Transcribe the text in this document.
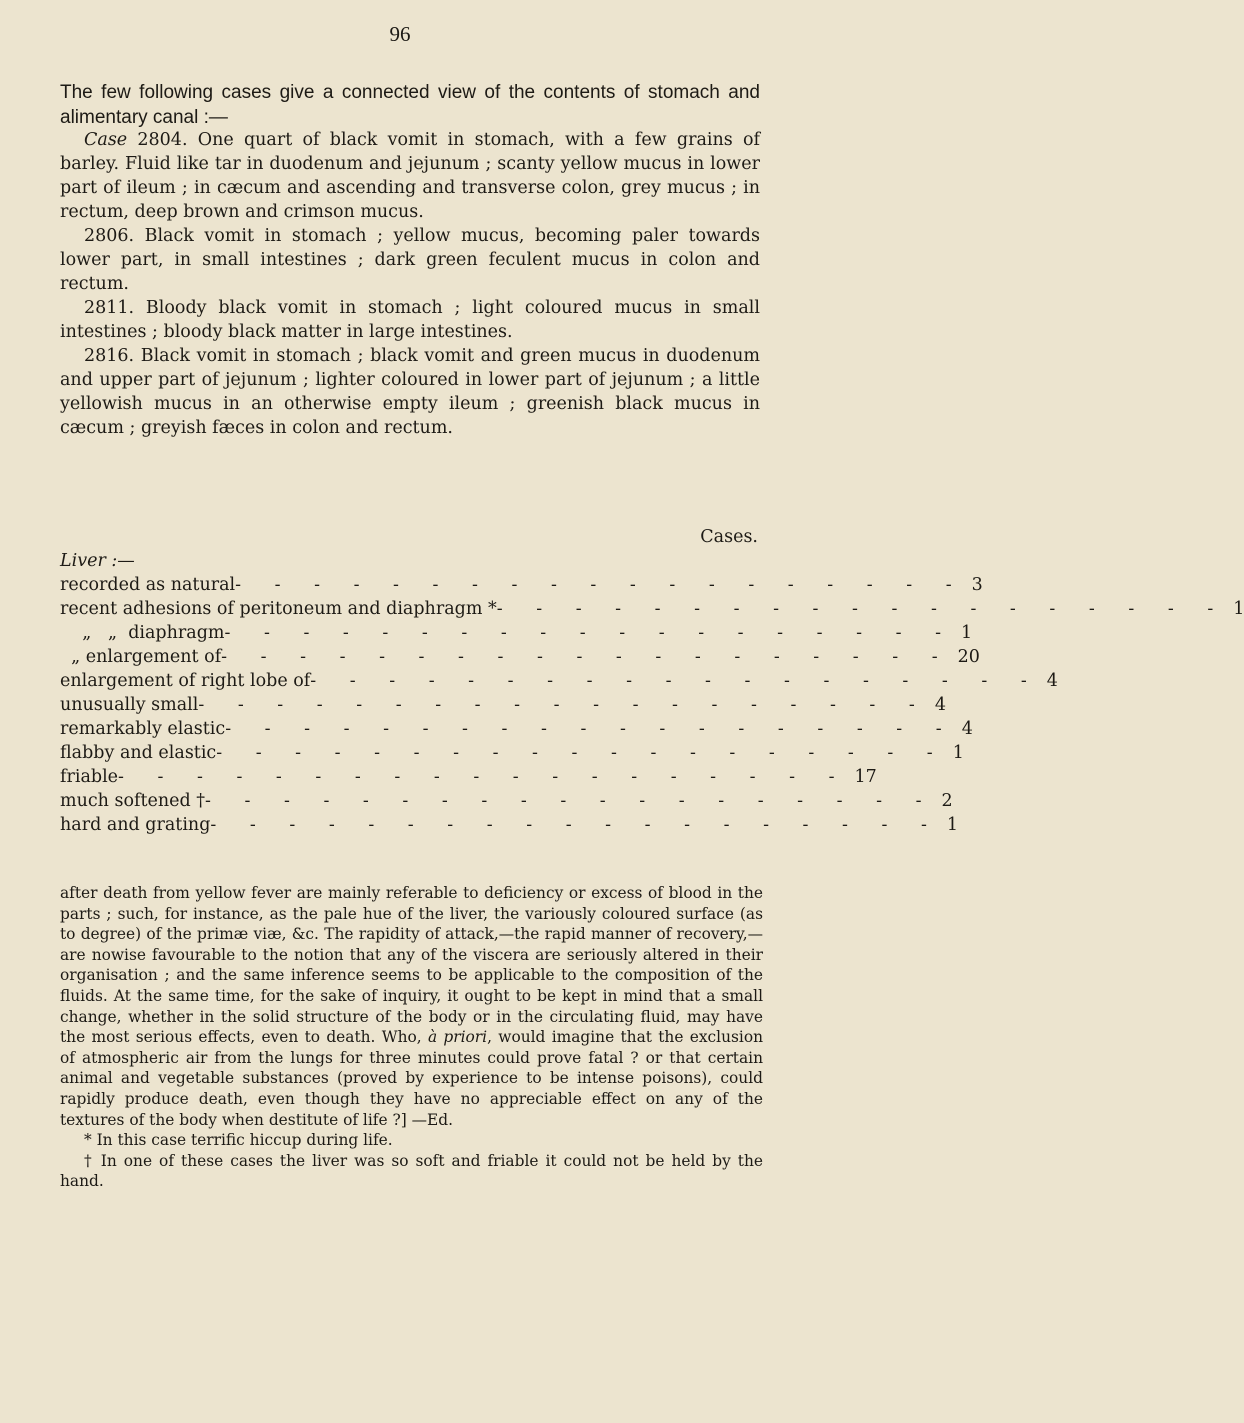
96
The few following cases give a connected view of the contents of stomach and alimentary canal :—

Case 2804. One quart of black vomit in stomach, with a few grains of barley. Fluid like tar in duodenum and jejunum ; scanty yellow mucus in lower part of ileum ; in cæcum and ascending and transverse colon, grey mucus ; in rectum, deep brown and crimson mucus.

2806. Black vomit in stomach ; yellow mucus, becoming paler towards lower part, in small intestines ; dark green feculent mucus in colon and rectum.

2811. Bloody black vomit in stomach ; light coloured mucus in small intestines ; bloody black matter in large intestines.

2816. Black vomit in stomach ; black vomit and green mucus in duodenum and upper part of jejunum ; lighter coloured in lower part of jejunum ; a little yellowish mucus in an otherwise empty ileum ; greenish black mucus in cæcum ; greyish fæces in colon and rectum.

Cases.
Liver :—
recorded as natural - - - - - - - - - - - - - - - - - - - 3
recent adhesions of peritoneum and diaphragm * - - - - - - - - - - - - - - - - - - - 1
„   „  diaphragm - - - - - - - - - - - - - - - - - - - 1
„ enlargement of - - - - - - - - - - - - - - - - - - - 20
enlargement of right lobe of - - - - - - - - - - - - - - - - - - - 4
unusually small - - - - - - - - - - - - - - - - - - - 4
remarkably elastic - - - - - - - - - - - - - - - - - - - 4
flabby and elastic - - - - - - - - - - - - - - - - - - - 1
friable - - - - - - - - - - - - - - - - - - - 17
much softened † - - - - - - - - - - - - - - - - - - - 2
hard and grating - - - - - - - - - - - - - - - - - - - 1

after death from yellow fever are mainly referable to deficiency or excess of blood in the parts ; such, for instance, as the pale hue of the liver, the variously coloured surface (as to degree) of the primæ viæ, &c. The rapidity of attack,—the rapid manner of recovery,— are nowise favourable to the notion that any of the viscera are seriously altered in their organisation ; and the same inference seems to be applicable to the composition of the fluids. At the same time, for the sake of inquiry, it ought to be kept in mind that a small change, whether in the solid structure of the body or in the circulating fluid, may have the most serious effects, even to death. Who, à priori, would imagine that the exclusion of atmospheric air from the lungs for three minutes could prove fatal ? or that certain animal and vegetable substances (proved by experience to be intense poisons), could rapidly produce death, even though they have no appreciable effect on any of the textures of the body when destitute of life ?] —Ed.

* In this case terrific hiccup during life.

† In one of these cases the liver was so soft and friable it could not be held by the hand.
